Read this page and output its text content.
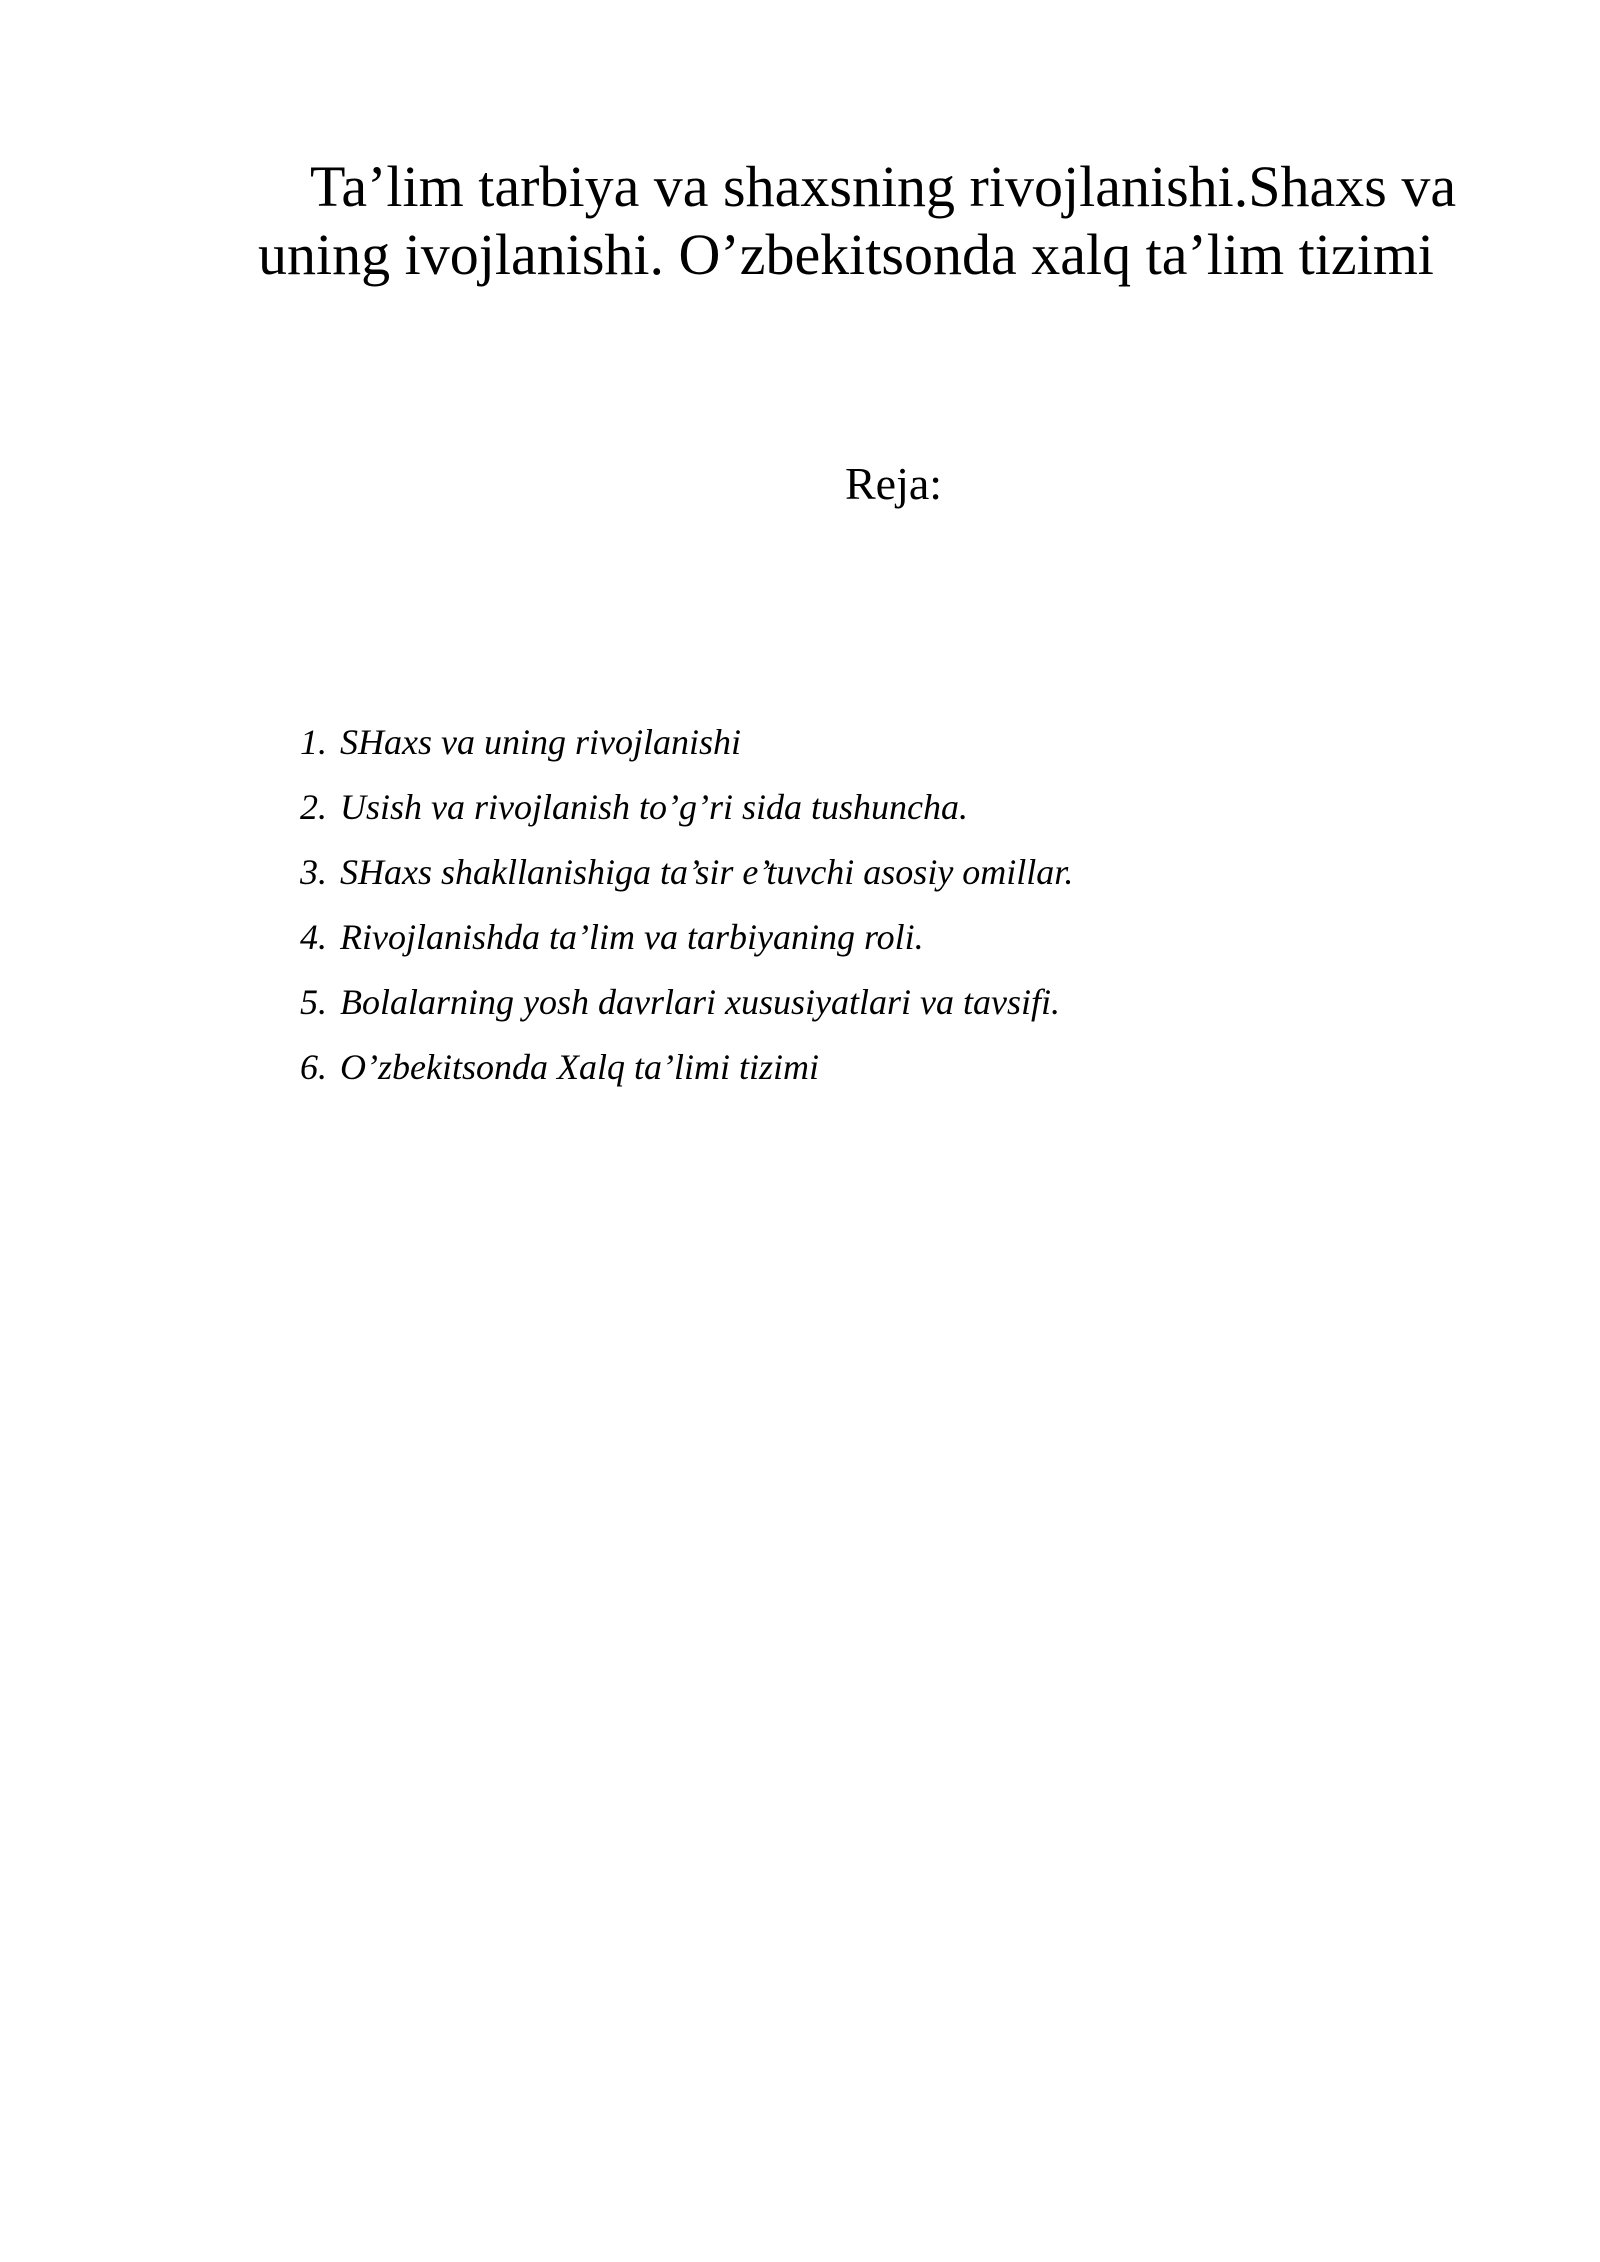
Ta’lim tarbiya va shaxsning rivojlanishi.Shaxs va
uning ivojlanishi. O’zbekitsonda xalq ta’lim tizimi
Reja:
1. SHaxs va uning rivojlanishi
2. Usish va rivojlanish to’g’ri sida tushuncha.
3. SHaxs shakllanishiga ta’sir e’tuvchi asosiy omillar.
4. Rivojlanishda ta’lim va tarbiyaning roli.
5. Bolalarning yosh davrlari xususiyatlari va tavsifi.
6. O’zbekitsonda Xalq ta’limi tizimi
